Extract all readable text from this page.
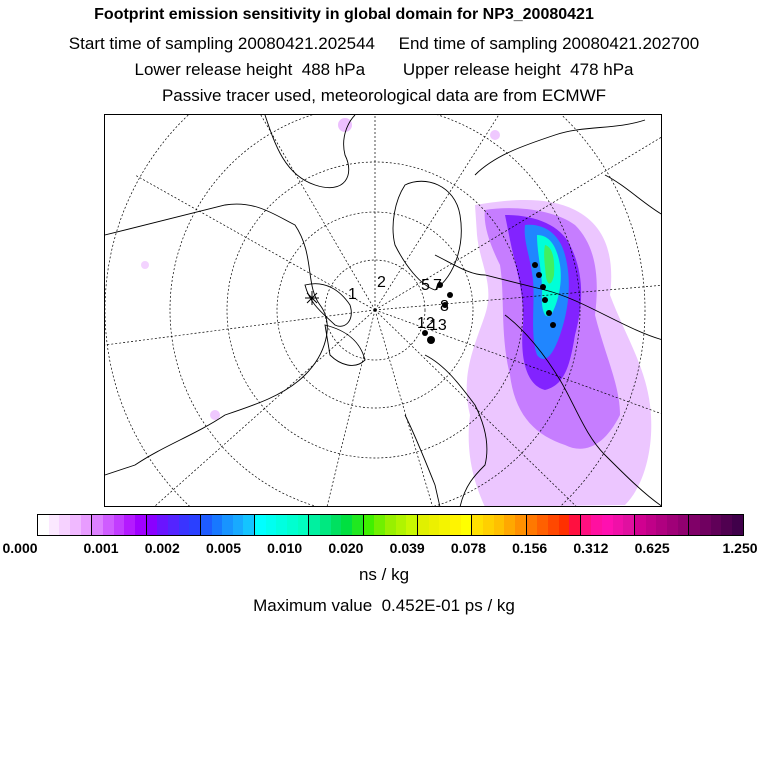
Footprint emission sensitivity in global domain for NP3_20080421
Start time of sampling 20080421.202544     End time of sampling 20080421.202700
Lower release height  488 hPa        Upper release height  478 hPa
Passive tracer used, meteorological data are from ECMWF
1
2 5 7
8
12
13
0.000	0.001 0.002 0.005 0.010 0.020 0.039 0.078 0.156 0.312 0.625	1.250
ns / kg
Maximum value  0.452E-01 ps / kg
